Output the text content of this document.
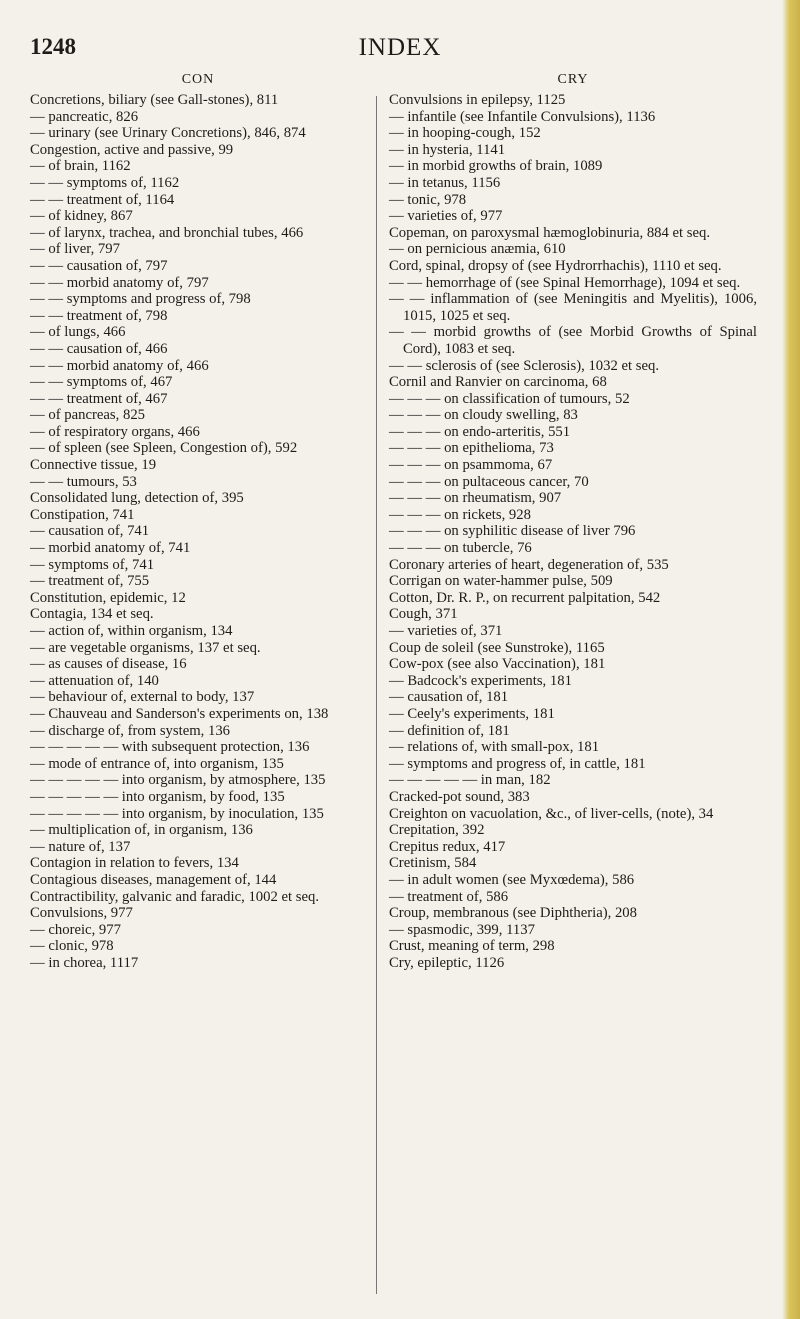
INDEX
1248
CON
Concretions, biliary (see Gall-stones), 811
— pancreatic, 826
— urinary (see Urinary Concretions), 846, 874
Congestion, active and passive, 99
— of brain, 1162
— — symptoms of, 1162
— — treatment of, 1164
— of kidney, 867
— of larynx, trachea, and bronchial tubes, 466
— of liver, 797
— — causation of, 797
— — morbid anatomy of, 797
— — symptoms and progress of, 798
— — treatment of, 798
— of lungs, 466
— — causation of, 466
— — morbid anatomy of, 466
— — symptoms of, 467
— — treatment of, 467
— of pancreas, 825
— of respiratory organs, 466
— of spleen (see Spleen, Congestion of), 592
Connective tissue, 19
— — tumours, 53
Consolidated lung, detection of, 395
Constipation, 741
— causation of, 741
— morbid anatomy of, 741
— symptoms of, 741
— treatment of, 755
Constitution, epidemic, 12
Contagia, 134 et seq.
— action of, within organism, 134
— are vegetable organisms, 137 et seq.
— as causes of disease, 16
— attenuation of, 140
— behaviour of, external to body, 137
— Chauveau and Sanderson's experiments on, 138
— discharge of, from system, 136
— — — — — with subsequent protection, 136
— mode of entrance of, into organism, 135
— — — — — into organism, by atmosphere, 135
— — — — — into organism, by food, 135
— — — — — into organism, by inoculation, 135
— multiplication of, in organism, 136
— nature of, 137
Contagion in relation to fevers, 134
Contagious diseases, management of, 144
Contractibility, galvanic and faradic, 1002 et seq.
Convulsions, 977
— choreic, 977
— clonic, 978
— in chorea, 1117
CRY
Convulsions in epilepsy, 1125
— infantile (see Infantile Convulsions), 1136
— in hooping-cough, 152
— in hysteria, 1141
— in morbid growths of brain, 1089
— in tetanus, 1156
— tonic, 978
— varieties of, 977
Copeman, on paroxysmal hæmoglobinuria, 884 et seq.
— on pernicious anæmia, 610
Cord, spinal, dropsy of (see Hydrorrhachis), 1110 et seq.
— — hemorrhage of (see Spinal Hemorrhage), 1094 et seq.
— — inflammation of (see Meningitis and Myelitis), 1006, 1015, 1025 et seq.
— — morbid growths of (see Morbid Growths of Spinal Cord), 1083 et seq.
— — sclerosis of (see Sclerosis), 1032 et seq.
Cornil and Ranvier on carcinoma, 68
— — — on classification of tumours, 52
— — — on cloudy swelling, 83
— — — on endo-arteritis, 551
— — — on epithelioma, 73
— — — on psammoma, 67
— — — on pultaceous cancer, 70
— — — on rheumatism, 907
— — — on rickets, 928
— — — on syphilitic disease of liver 796
— — — on tubercle, 76
Coronary arteries of heart, degeneration of, 535
Corrigan on water-hammer pulse, 509
Cotton, Dr. R. P., on recurrent palpitation, 542
Cough, 371
— varieties of, 371
Coup de soleil (see Sunstroke), 1165
Cow-pox (see also Vaccination), 181
— Badcock's experiments, 181
— causation of, 181
— Ceely's experiments, 181
— definition of, 181
— relations of, with small-pox, 181
— symptoms and progress of, in cattle, 181
— — — — — in man, 182
Cracked-pot sound, 383
Creighton on vacuolation, &c., of liver-cells, (note), 34
Crepitation, 392
Crepitus redux, 417
Cretinism, 584
— in adult women (see Myxœdema), 586
— treatment of, 586
Croup, membranous (see Diphtheria), 208
— spasmodic, 399, 1137
Crust, meaning of term, 298
Cry, epileptic, 1126
